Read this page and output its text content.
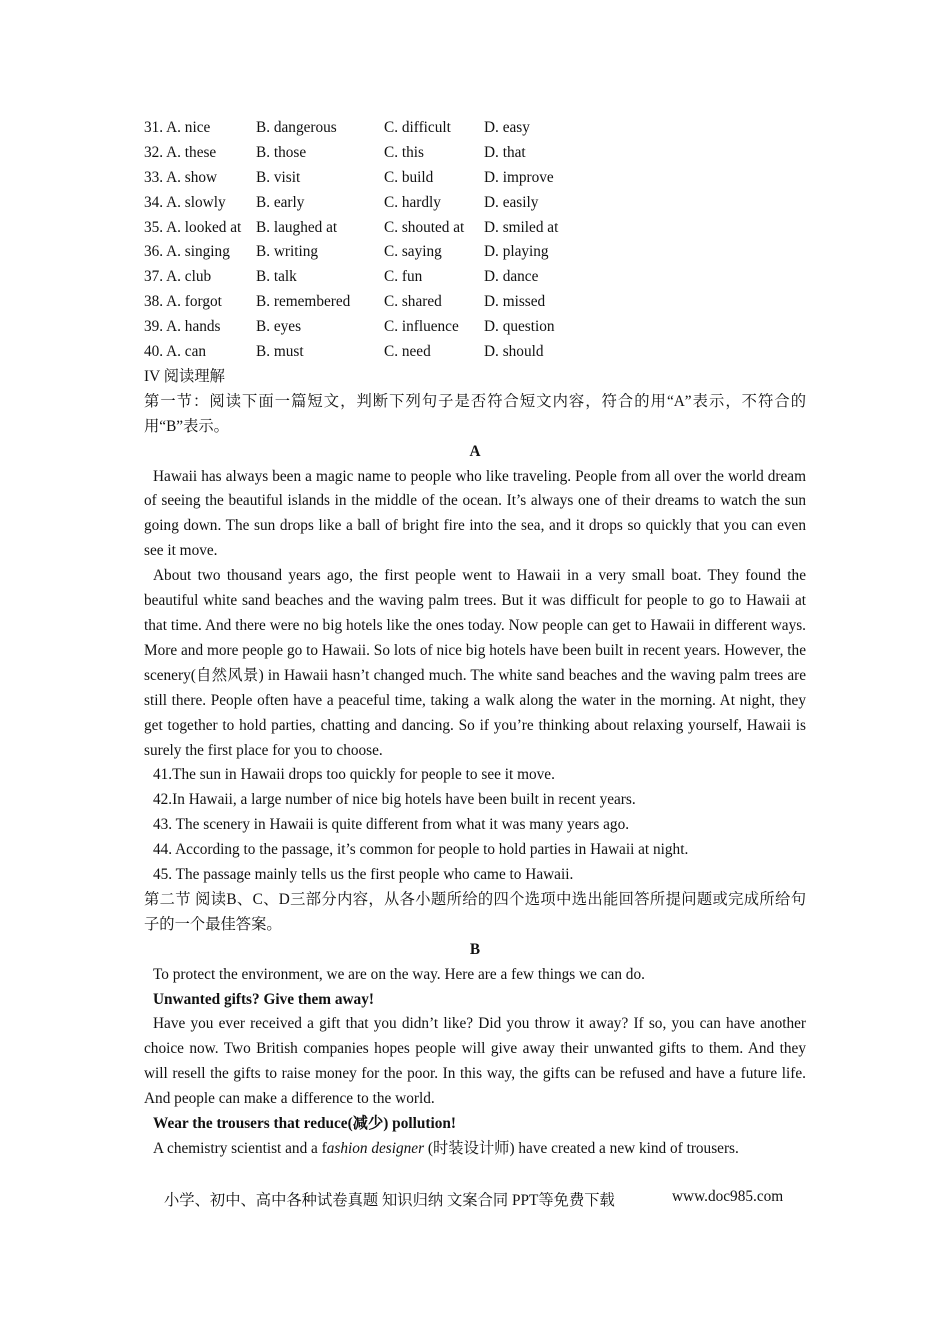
31. A. nice	B. dangerous	C. difficult	D. easy
32. A. these	B. those	C. this	D. that
33. A. show	B. visit	C. build	D. improve
34. A. slowly	B. early	C. hardly	D. easily
35. A. looked at B. laughed at	C. shouted at	D. smiled at
36. A. singing	B. writing	C. saying	D. playing
37. A. club	B. talk	C. fun	D. dance
38. A. forgot	B. remembered	C. shared	D. missed
39. A. hands	B. eyes	C. influence	D. question
40. A. can	B. must	C. need	D. should
IV 阅读理解

第一节：阅读下面一篇短文，判断下列句子是否符合短文内容，符合的用“A”表示，不符合的用“B”表示。

A

Hawaii has always been a magic name to people who like traveling. People from all over the world dream of seeing the beautiful islands in the middle of the ocean. It’s always one of their dreams to watch the sun going down. The sun drops like a ball of bright fire into the sea, and it drops so quickly that you can even see it move.

About two thousand years ago, the first people went to Hawaii in a very small boat. They found the beautiful white sand beaches and the waving palm trees. But it was difficult for people to go to Hawaii at that time. And there were no big hotels like the ones today. Now people can get to Hawaii in different ways. More and more people go to Hawaii. So lots of nice big hotels have been built in recent years. However, the scenery(自然风景) in Hawaii hasn’t changed much. The white sand beaches and the waving palm trees are still there. People often have a peaceful time, taking a walk along the water in the morning. At night, they get together to hold parties, chatting and dancing. So if you’re thinking about relaxing yourself, Hawaii is surely the first place for you to choose.

41.The sun in Hawaii drops too quickly for people to see it move.
42.In Hawaii, a large number of nice big hotels have been built in recent years.
43. The scenery in Hawaii is quite different from what it was many years ago.
44. According to the passage, it’s common for people to hold parties in Hawaii at night.
45. The passage mainly tells us the first people who came to Hawaii.

第二节 阅读B、C、D三部分内容，从各小题所给的四个选项中选出能回答所提问题或完成所给句子的一个最佳答案。

B
To protect the environment, we are on the way. Here are a few things we can do.
Unwanted gifts? Give them away!

Have you ever received a gift that you didn’t like? Did you throw it away? If so, you can have another choice now. Two British companies hopes people will give away their unwanted gifts to them. And they will resell the gifts to raise money for the poor. In this way, the gifts can be refused and have a future life. And people can make a difference to the world.

Wear the trousers that reduce(减少) pollution!
A chemistry scientist and a fashion designer (时装设计师) have created a new kind of trousers.
小学、初中、高中各种试卷真题 知识归纳 文案合同 PPT等免费下载	www.doc985.com
